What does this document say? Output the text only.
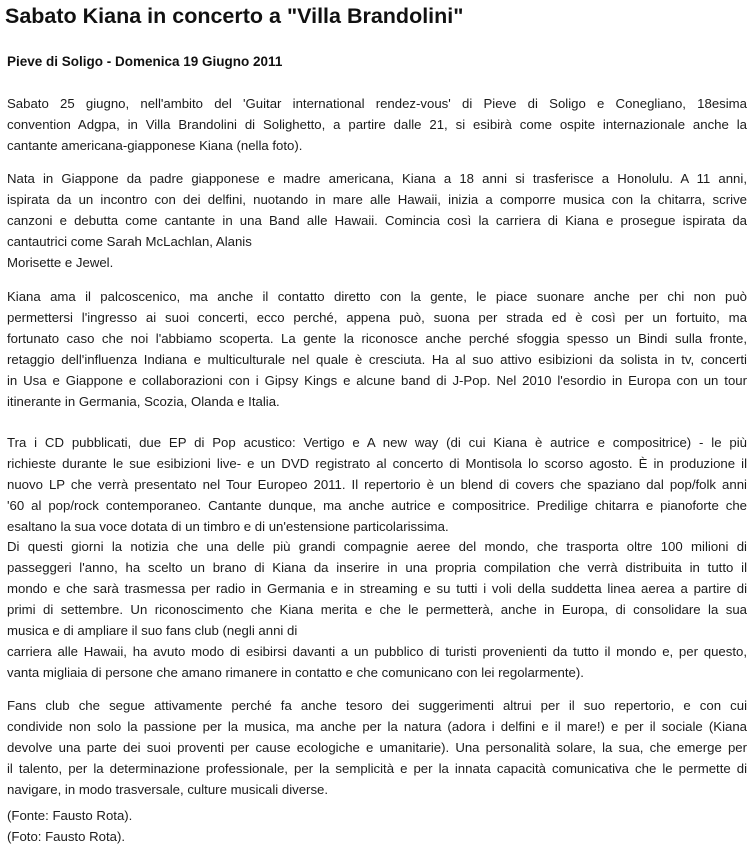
Sabato Kiana in concerto a "Villa Brandolini"
Pieve di Soligo - Domenica 19 Giugno 2011
Sabato 25 giugno, nell'ambito del 'Guitar international rendez-vous' di Pieve di Soligo e Conegliano, 18esima
convention Adgpa, in Villa Brandolini di Solighetto, a partire dalle 21, si esibirà come ospite internazionale anche la
cantante americana-giapponese Kiana (nella foto).
Nata in Giappone da padre giapponese e madre americana, Kiana a 18 anni si trasferisce a Honolulu. A 11 anni,
ispirata da un incontro con dei delfini, nuotando in mare alle Hawaii, inizia a comporre musica con la chitarra, scrive
canzoni e debutta come cantante in una Band alle Hawaii. Comincia così la carriera di Kiana e prosegue ispirata da
cantautrici come Sarah McLachlan, Alanis
Morisette e Jewel.
Kiana ama il palcoscenico, ma anche il contatto diretto con la gente, le piace suonare anche per chi non può
permettersi l'ingresso ai suoi concerti, ecco perché, appena può, suona per strada ed è così per un fortuito, ma
fortunato caso che noi l'abbiamo scoperta. La gente la riconosce anche perché sfoggia spesso un Bindi sulla fronte,
retaggio dell'influenza Indiana e multiculturale nel quale è cresciuta. Ha al suo attivo esibizioni da solista in tv, concerti
in Usa e Giappone e collaborazioni con i Gipsy Kings e alcune band di J-Pop. Nel 2010 l'esordio in Europa con un tour
itinerante in Germania, Scozia, Olanda e Italia.
Tra i CD pubblicati, due EP di Pop acustico: Vertigo e A new way (di cui Kiana è autrice e compositrice) - le più
richieste durante le sue esibizioni live- e un DVD registrato al concerto di Montisola lo scorso agosto. È in produzione il
nuovo LP che verrà presentato nel Tour Europeo 2011. Il repertorio è un blend di covers che spaziano dal pop/folk anni
'60 al pop/rock contemporaneo. Cantante dunque, ma anche autrice e compositrice. Predilige chitarra e pianoforte che
esaltano la sua voce dotata di un timbro e di un'estensione particolarissima.
Di questi giorni la notizia che una delle più grandi compagnie aeree del mondo, che trasporta oltre 100 milioni di
passeggeri l'anno, ha scelto un brano di Kiana da inserire in una propria compilation che verrà distribuita in tutto il
mondo e che sarà trasmessa per radio in Germania e in streaming e su tutti i voli della suddetta linea aerea a partire di
primi di settembre. Un riconoscimento che Kiana merita e che le permetterà, anche in Europa, di consolidare la sua
musica e di ampliare il suo fans club (negli anni di
carriera alle Hawaii, ha avuto modo di esibirsi davanti a un pubblico di turisti provenienti da tutto il mondo e, per questo,
vanta migliaia di persone che amano rimanere in contatto e che comunicano con lei regolarmente).
Fans club che segue attivamente perché fa anche tesoro dei suggerimenti altrui per il suo repertorio, e con cui
condivide non solo la passione per la musica, ma anche per la natura (adora i delfini e il mare!) e per il sociale (Kiana
devolve una parte dei suoi proventi per cause ecologiche e umanitarie). Una personalità solare, la sua, che emerge per
il talento, per la determinazione professionale, per la semplicità e per la innata capacità comunicativa che le permette di
navigare, in modo trasversale, culture musicali diverse.
(Fonte: Fausto Rota).
(Foto: Fausto Rota).
